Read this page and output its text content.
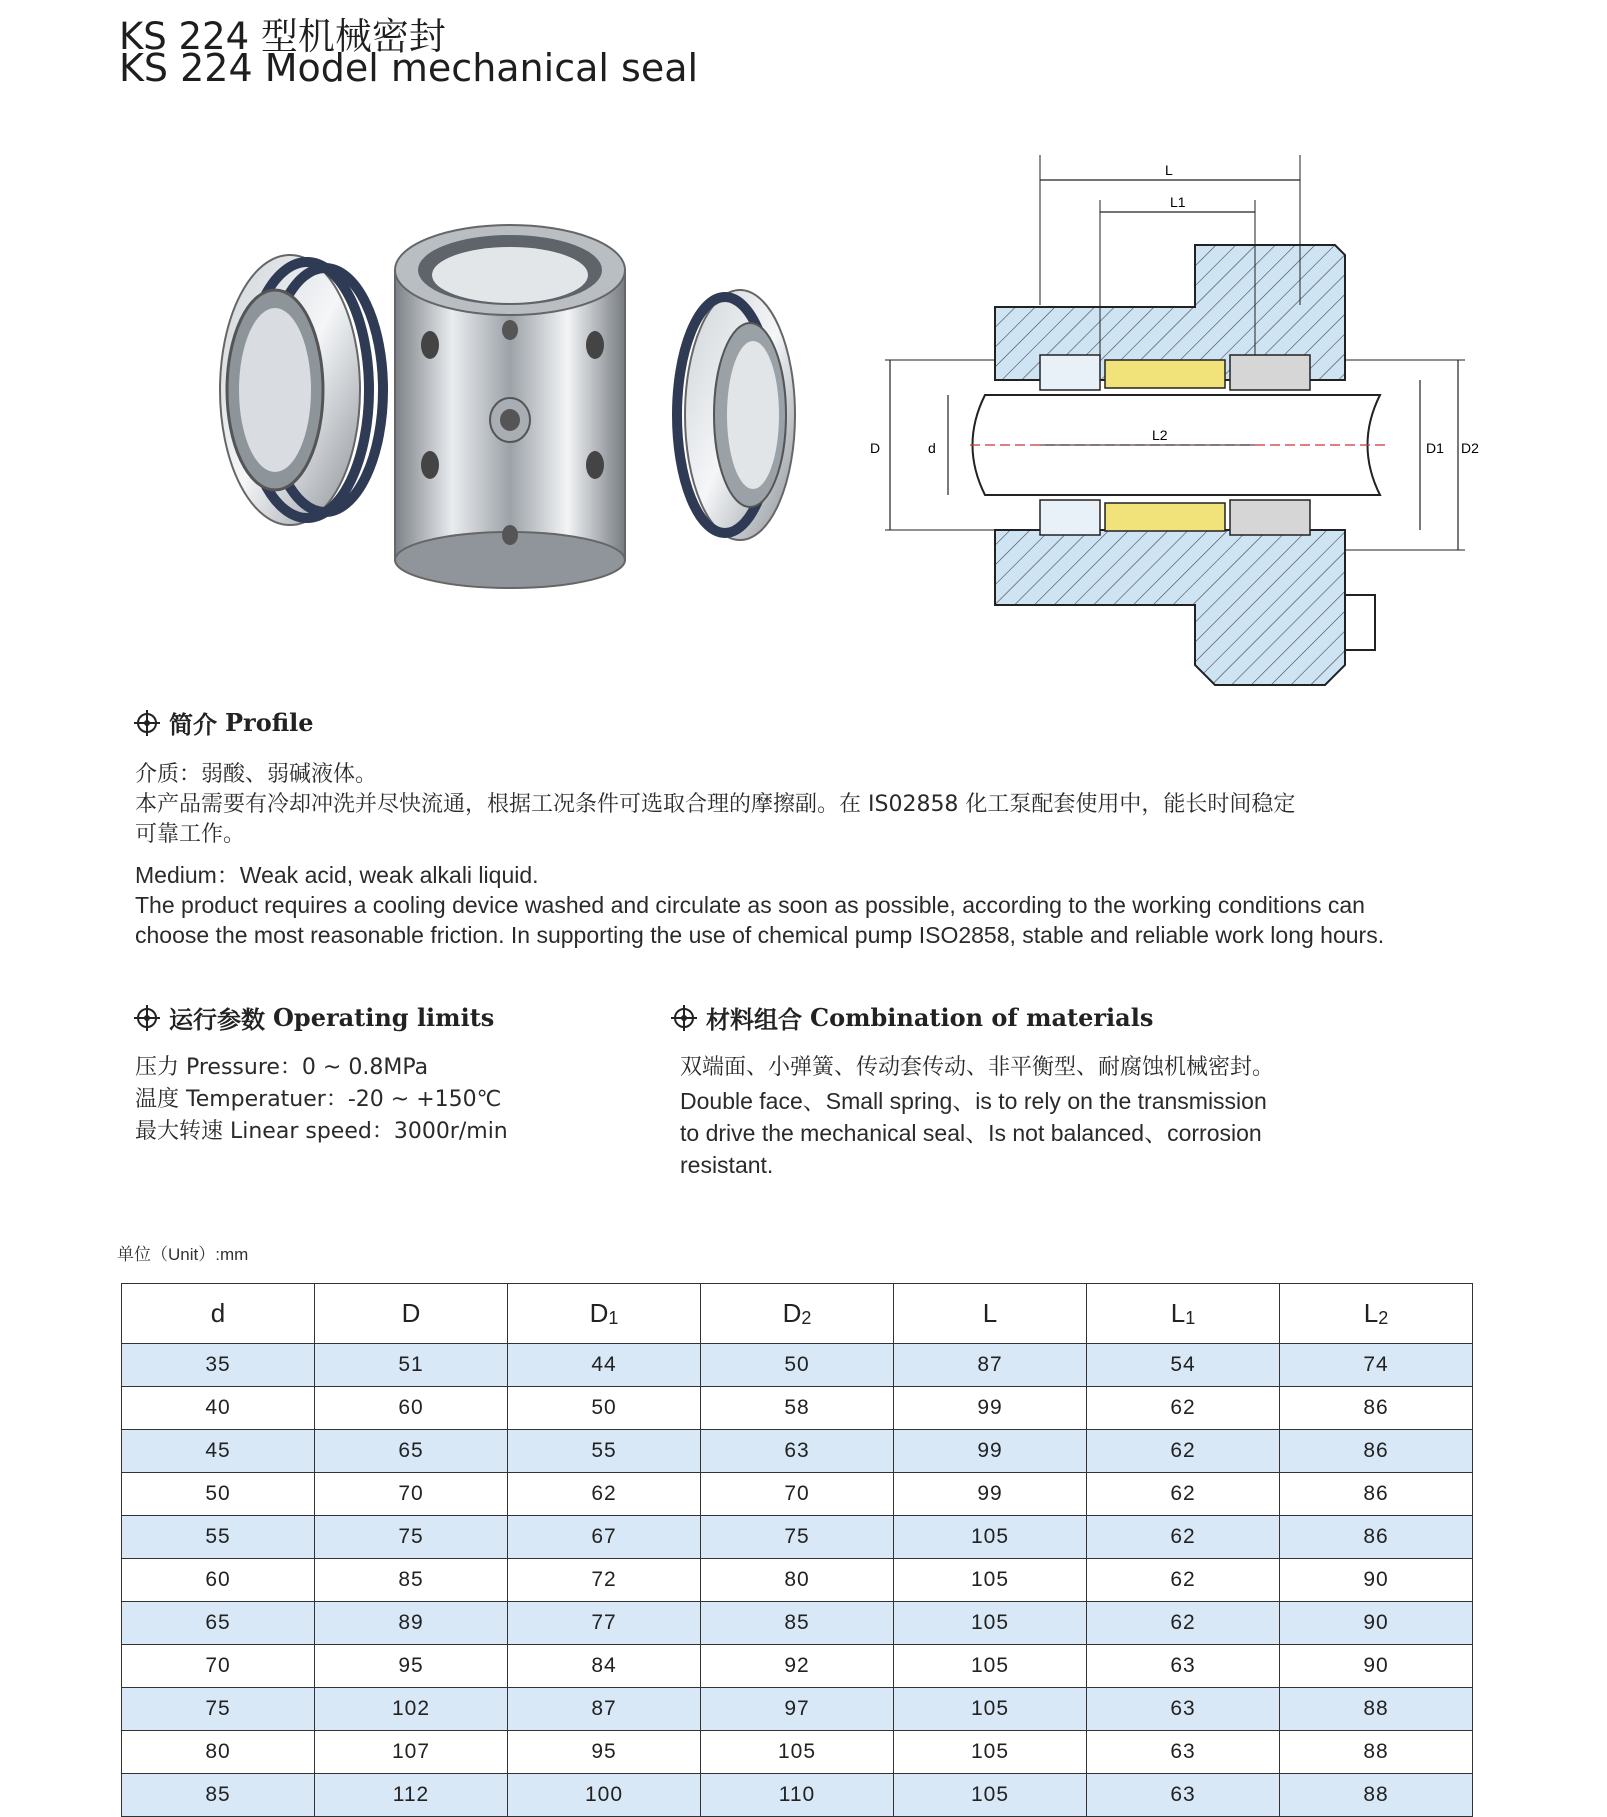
KS 224 型机械密封
KS 224 Model mechanical seal
L
L1
L2
D	d	D1 D2
简介 Profile
介质：弱酸、弱碱液体。
本产品需要有冷却冲洗并尽快流通，根据工况条件可选取合理的摩擦副。在 IS02858 化工泵配套使用中，能长时间稳定
可靠工作。
Medium：Weak acid, weak alkali liquid.
The product requires a cooling device washed and circulate as soon as possible, according to the working conditions can
choose the most reasonable friction. In supporting the use of chemical pump ISO2858, stable and reliable work long hours.
运行参数 Operating limits
压力 Pressure：0 ~ 0.8MPa
温度 Temperatuer：-20 ~ +150℃
最大转速 Linear speed：3000r/min
材料组合 Combination of materials
双端面、小弹簧、传动套传动、非平衡型、耐腐蚀机械密封。
Double face、Small spring、is to rely on the transmission
to drive the mechanical seal、Is not balanced、corrosion
resistant.
单位（Unit）:mm
d	D	$D_1$	$D_2$	L	$L_1$	$L_2$
35	51	44	50	87	54	74
40	60	50	58	99	62	86
45	65	55	63	99	62	86
50	70	62	70	99	62	86
55	75	67	75	105	62	86
60	85	72	80	105	62	90
65	89	77	85	105	62	90
70	95	84	92	105	63	90
75	102	87	97	105	63	88
80	107	95	105	105	63	88
85	112	100	110	105	63	88
